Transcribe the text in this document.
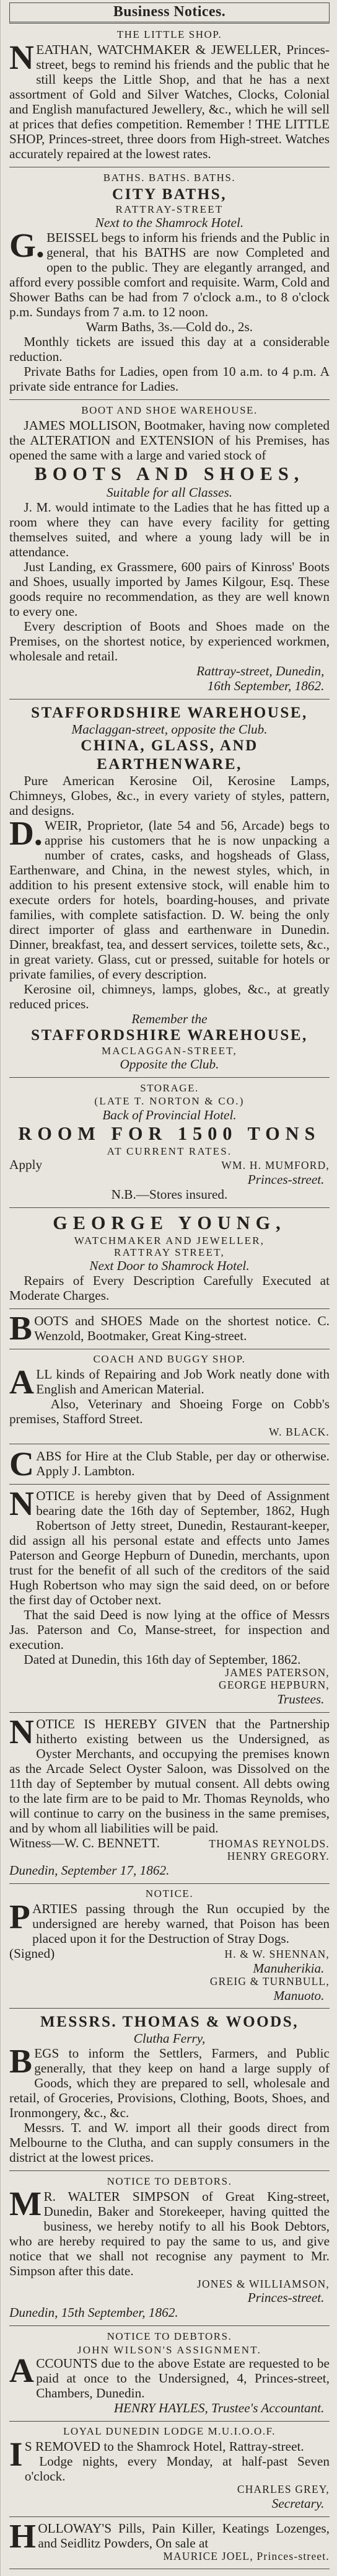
Business Notices.
THE LITTLE SHOP.

NEATHAN, WATCHMAKER & JEWELLER, Princes-street, begs to remind his friends and the public that he still keeps the Little Shop, and that he has a next assortment of Gold and Silver Watches, Clocks, Colonial and English manufactured Jewellery, &c., which he will sell at prices that defies competition. Remember ! THE LITTLE SHOP, Princes-street, three doors from High-street. Watches accurately repaired at the lowest rates.

BATHS. BATHS. BATHS.
CITY BATHS,
RATTRAY-STREET
Next to the Shamrock Hotel.

G. BEISSEL begs to inform his friends and the Public in general, that his BATHS are now Completed and open to the public. They are elegantly arranged, and afford every possible comfort and requisite. Warm, Cold and Shower Baths can be had from 7 o'clock a.m., to 8 o'clock p.m. Sundays from 7 a.m. to 12 noon.

Warm Baths, 3s.—Cold do., 2s.

Monthly tickets are issued this day at a considerable reduction.

Private Baths for Ladies, open from 10 a.m. to 4 p.m. A private side entrance for Ladies.

BOOT AND SHOE WAREHOUSE.

JAMES MOLLISON, Bootmaker, having now completed the ALTERATION and EXTENSION of his Premises, has opened the same with a large and varied stock of

BOOTS AND SHOES,
Suitable for all Classes.

J. M. would intimate to the Ladies that he has fitted up a room where they can have every facility for getting themselves suited, and where a young lady will be in attendance.

Just Landing, ex Grassmere, 600 pairs of Kinross' Boots and Shoes, usually imported by James Kilgour, Esq. These goods require no recommendation, as they are well known to every one.

Every description of Boots and Shoes made on the Premises, on the shortest notice, by experienced workmen, wholesale and retail.

Rattray-street, Dunedin,
16th September, 1862.
STAFFORDSHIRE WAREHOUSE,
Maclaggan-street, opposite the Club.
CHINA, GLASS, AND EARTHENWARE,

Pure American Kerosine Oil, Kerosine Lamps, Chimneys, Globes, &c., in every variety of styles, pattern, and designs.

D. WEIR, Proprietor, (late 54 and 56, Arcade) begs to apprise his customers that he is now unpacking a number of crates, casks, and hogsheads of Glass, Earthenware, and China, in the newest styles, which, in addition to his present extensive stock, will enable him to execute orders for hotels, boarding-houses, and private families, with complete satisfaction. D. W. being the only direct importer of glass and earthenware in Dunedin. Dinner, breakfast, tea, and dessert services, toilette sets, &c., in great variety. Glass, cut or pressed, suitable for hotels or private families, of every description.

Kerosine oil, chimneys, lamps, globes, &c., at greatly reduced prices.

Remember the
STAFFORDSHIRE WAREHOUSE,
MACLAGGAN-STREET,
Opposite the Club.
STORAGE.
(LATE T. NORTON & CO.)
Back of Provincial Hotel.
ROOM FOR 1500 TONS
AT CURRENT RATES.
Apply	WM. H. MUMFORD,
Princes-street.
N.B.—Stores insured.
GEORGE YOUNG,
WATCHMAKER AND JEWELLER,
RATTRAY STREET,
Next Door to Shamrock Hotel.

Repairs of Every Description Carefully Executed at Moderate Charges.

BOOTS and SHOES Made on the shortest notice. C. Wenzold, Bootmaker, Great King-street.

COACH AND BUGGY SHOP.

ALL kinds of Repairing and Job Work neatly done with English and American Material.

Also, Veterinary and Shoeing Forge on Cobb's premises, Stafford Street.

W. BLACK.

CABS for Hire at the Club Stable, per day or otherwise. Apply J. Lambton.

NOTICE is hereby given that by Deed of Assignment bearing date the 16th day of September, 1862, Hugh Robertson of Jetty street, Dunedin, Restaurant-keeper, did assign all his personal estate and effects unto James Paterson and George Hepburn of Dunedin, merchants, upon trust for the benefit of all such of the creditors of the said Hugh Robertson who may sign the said deed, on or before the first day of October next.

That the said Deed is now lying at the office of Messrs Jas. Paterson and Co, Manse-street, for inspection and execution.

Dated at Dunedin, this 16th day of September, 1862.

JAMES PATERSON,
GEORGE HEPBURN,
Trustees.

NOTICE IS HEREBY GIVEN that the Partnership hitherto existing between us the Undersigned, as Oyster Merchants, and occupying the premises known as the Arcade Select Oyster Saloon, was Dissolved on the 11th day of September by mutual consent. All debts owing to the late firm are to be paid to Mr. Thomas Reynolds, who will continue to carry on the business in the same premises, and by whom all liabilities will be paid.

Witness—W. C. BENNETT.	THOMAS REYNOLDS.
HENRY GREGORY.
Dunedin, September 17, 1862.
NOTICE.

PARTIES passing through the Run occupied by the undersigned are hereby warned, that Poison has been placed upon it for the Destruction of Stray Dogs.

(Signed)	H. & W. SHENNAN,
Manuherikia.
GREIG & TURNBULL,
Manuoto.
MESSRS. THOMAS & WOODS,
Clutha Ferry,

BEGS to inform the Settlers, Farmers, and Public generally, that they keep on hand a large supply of Goods, which they are prepared to sell, wholesale and retail, of Groceries, Provisions, Clothing, Boots, Shoes, and Ironmongery, &c., &c.

Messrs. T. and W. import all their goods direct from Melbourne to the Clutha, and can supply consumers in the district at the lowest prices.

NOTICE TO DEBTORS.

M R. WALTER SIMPSON of Great King-street, Dunedin, Baker and Storekeeper, having quitted the business, we hereby notify to all his Book Debtors, who are hereby required to pay the same to us, and give notice that we shall not recognise any payment to Mr. Simpson after this date.

JONES & WILLIAMSON,
Princes-street.
Dunedin, 15th September, 1862.
NOTICE TO DEBTORS.
JOHN WILSON'S ASSIGNMENT.

ACCOUNTS due to the above Estate are requested to be paid at once to the Undersigned, 4, Princes-street, Chambers, Dunedin.

HENRY HAYLES, Trustee's Accountant.
LOYAL DUNEDIN LODGE M.U.I.O.O.F.

I S REMOVED to the Shamrock Hotel, Rattray-street.

Lodge nights, every Monday, at half-past Seven o'clock.

CHARLES GREY,
Secretary.

HOLLOWAY'S Pills, Pain Killer, Keatings Lozenges, and Seidlitz Powders, On sale at

MAURICE JOEL, Princes-street.
